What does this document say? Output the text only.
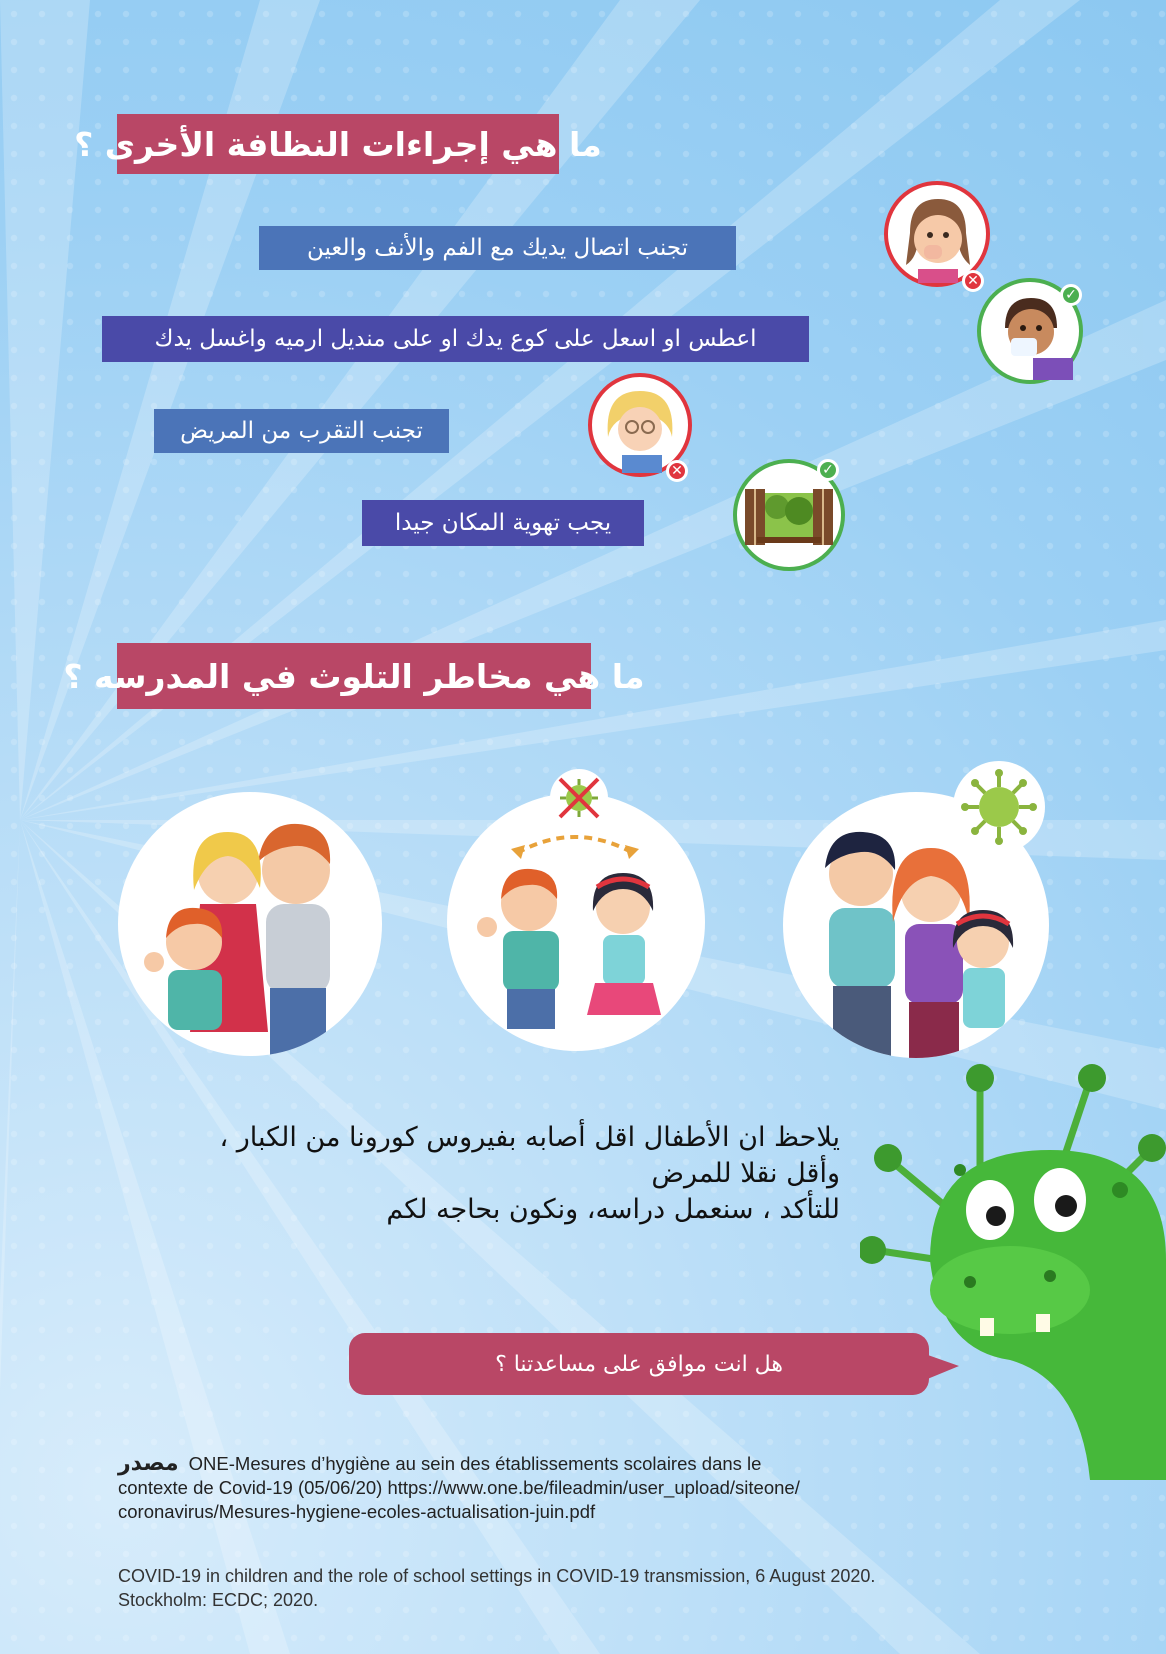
ما هي إجراءات النظافة الأخرى ؟
تجنب اتصال يديك مع الفم والأنف والعين
اعطس او اسعل على كوع يدك او على منديل ارميه واغسل يدك
تجنب التقرب من المريض
يجب تهوية المكان جيدا
✕
✓
✕	✓
ما هي مخاطر التلوث في المدرسه ؟
يلاحظ ان الأطفال اقل أصابه بفيروس كورونا من الكبار ،
وأقل نقلا للمرض
للتأكد ، سنعمل دراسه، ونكون بحاجه لكم
هل انت موافق على مساعدتنا ؟
مصدر ONE-Mesures d’hygiène au sein des établissements scolaires dans le
contexte de Covid-19 (05/06/20) https://www.one.be/fileadmin/user_upload/siteone/
coronavirus/Mesures-hygiene-ecoles-actualisation-juin.pdf
COVID-19 in children and the role of school settings in COVID-19 transmission, 6 August 2020.
Stockholm: ECDC; 2020.
